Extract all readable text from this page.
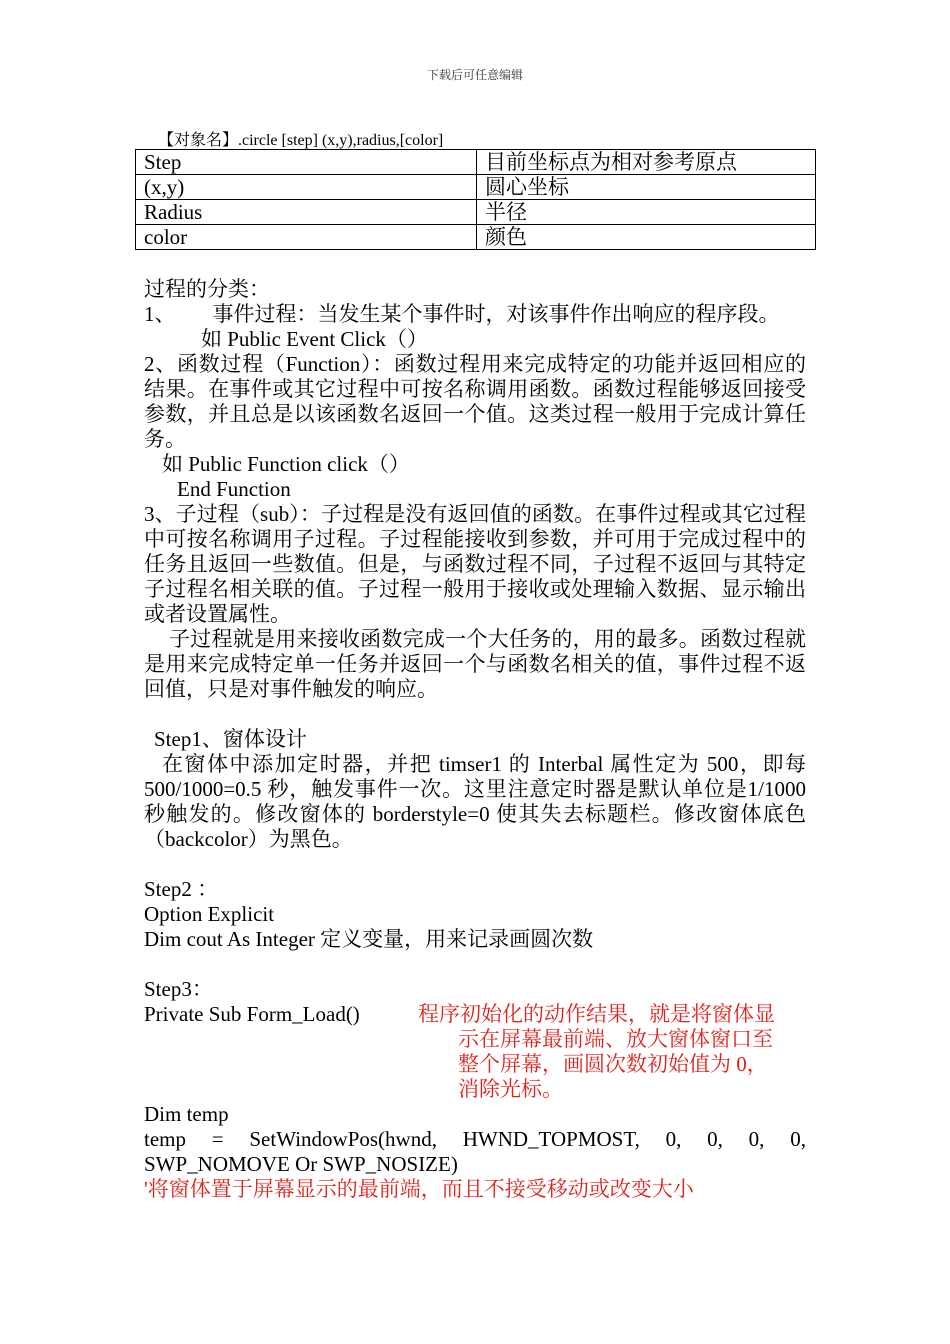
下载后可任意编辑
【对象名】.circle [step] (x,y),radius,[color]
Step	目前坐标点为相对参考原点
(x,y)	圆心坐标
Radius	半径
color	颜色
过程的分类：
1、 事件过程：当发生某个事件时，对该事件作出响应的程序段。
如 Public Event Click（）
2、函数过程（Function）：函数过程用来完成特定的功能并返回相应的结果。在事件或其它过程中可按名称调用函数。函数过程能够返回接受参数，并且总是以该函数名返回一个值。这类过程一般用于完成计算任务。
如 Public Function click（）
End Function
3、子过程（sub）：子过程是没有返回值的函数。在事件过程或其它过程中可按名称调用子过程。子过程能接收到参数，并可用于完成过程中的任务且返回一些数值。但是，与函数过程不同，子过程不返回与其特定子过程名相关联的值。子过程一般用于接收或处理输入数据、显示输出或者设置属性。
子过程就是用来接收函数完成一个大任务的，用的最多。函数过程就是用来完成特定单一任务并返回一个与函数名相关的值，事件过程不返回值，只是对事件触发的响应。
Step1、窗体设计
在窗体中添加定时器，并把 timser1 的 Interbal 属性定为 500，即每500/1000=0.5 秒，触发事件一次。这里注意定时器是默认单位是1/1000 秒触发的。修改窗体的 borderstyle=0 使其失去标题栏。修改窗体底色（backcolor）为黑色。
Step2 ：
Option Explicit
Dim cout As Integer 定义变量，用来记录画圆次数
Step3：
Private Sub Form_Load()	程序初始化的动作结果，就是将窗体显
示在屏幕最前端、放大窗体窗口至
整个屏幕，画圆次数初始值为 0，
消除光标。
Dim temp
temp = SetWindowPos(hwnd, HWND_TOPMOST, 0, 0, 0, 0,
SWP_NOMOVE Or SWP_NOSIZE)
'将窗体置于屏幕显示的最前端，而且不接受移动或改变大小
